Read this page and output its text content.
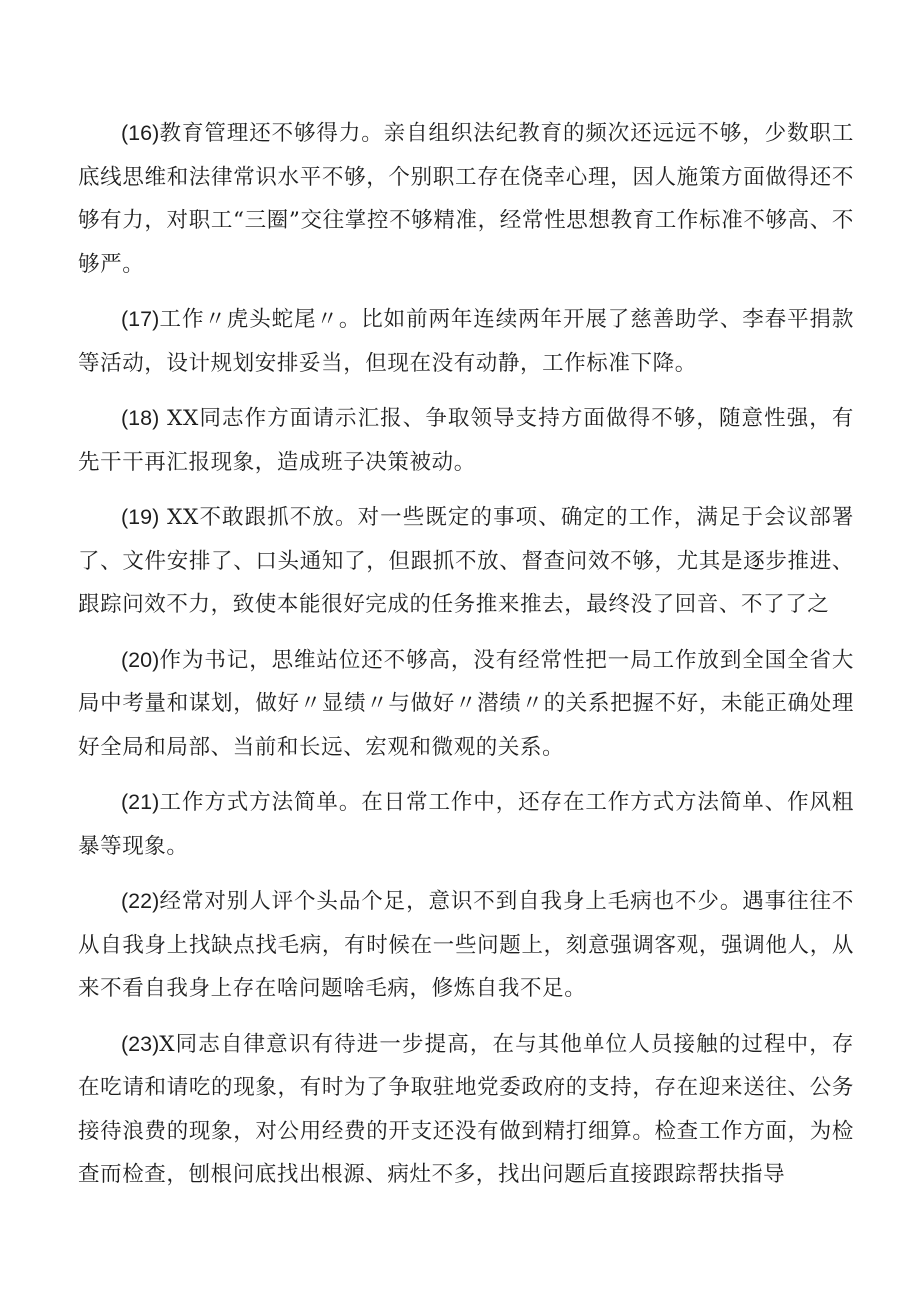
(16)教育管理还不够得力。亲自组织法纪教育的频次还远远不够，少数职工底线思维和法律常识水平不够，个别职工存在侥幸心理，因人施策方面做得还不够有力，对职工“三圈”交往掌控不够精准，经常性思想教育工作标准不够高、不够严。

(17)工作〃虎头蛇尾〃。比如前两年连续两年开展了慈善助学、李春平捐款等活动，设计规划安排妥当，但现在没有动静，工作标准下降。

(18) XX同志作方面请示汇报、争取领导支持方面做得不够，随意性强，有先干干再汇报现象，造成班子决策被动。

(19) XX不敢跟抓不放。对一些既定的事项、确定的工作，满足于会议部署了、文件安排了、口头通知了，但跟抓不放、督查问效不够，尤其是逐步推进、跟踪问效不力，致使本能很好完成的任务推来推去，最终没了回音、不了了之

(20)作为书记，思维站位还不够高，没有经常性把一局工作放到全国全省大局中考量和谋划，做好〃显绩〃与做好〃潜绩〃的关系把握不好，未能正确处理好全局和局部、当前和长远、宏观和微观的关系。

(21)工作方式方法简单。在日常工作中，还存在工作方式方法简单、作风粗暴等现象。

(22)经常对别人评个头品个足，意识不到自我身上毛病也不少。遇事往往不从自我身上找缺点找毛病，有时候在一些问题上，刻意强调客观，强调他人，从来不看自我身上存在啥问题啥毛病，修炼自我不足。

(23)X同志自律意识有待进一步提高，在与其他单位人员接触的过程中，存在吃请和请吃的现象，有时为了争取驻地党委政府的支持，存在迎来送往、公务接待浪费的现象，对公用经费的开支还没有做到精打细算。检查工作方面，为检查而检查，刨根问底找出根源、病灶不多，找出问题后直接跟踪帮扶指导
